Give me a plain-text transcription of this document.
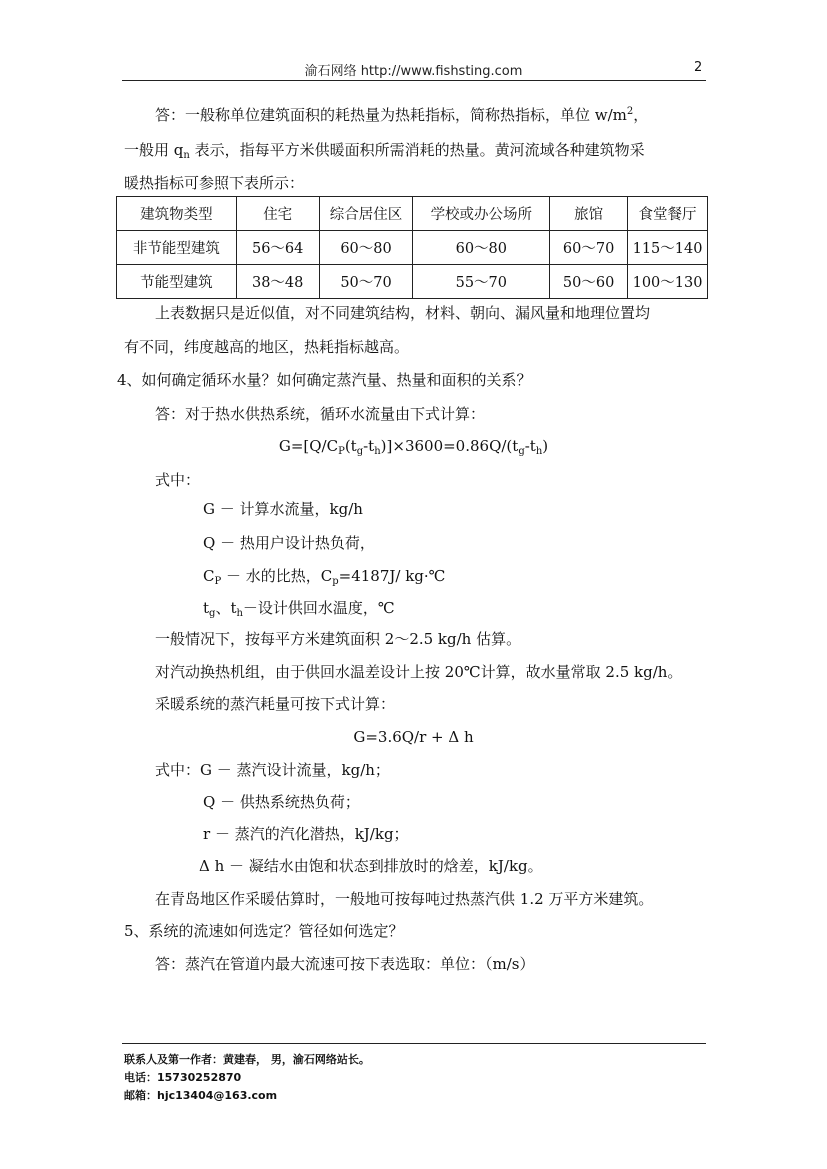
渝石网络 http://www.fishsting.com	2
答：一般称单位建筑面积的耗热量为热耗指标，简称热指标，单位 $w/m^2$，
一般用 $q_n$ 表示，指每平方米供暖面积所需消耗的热量。黄河流域各种建筑物采
暖热指标可参照下表所示：
建筑物类型	住宅	综合居住区	学校或办公场所	旅馆	食堂餐厅
非节能型建筑	56～64	60～80	60～80	60～70	115～140
节能型建筑	38～48	50～70	55～70	50～60	100～130
上表数据只是近似值，对不同建筑结构，材料、朝向、漏风量和地理位置均
有不同，纬度越高的地区，热耗指标越高。
4、如何确定循环水量？如何确定蒸汽量、热量和面积的关系？
答：对于热水供热系统，循环水流量由下式计算：
$G=[Q/C_P(t_g-t_h)]\times 3600=0.86Q/(t_g-t_h)$
式中：
G － 计算水流量，kg/h
Q － 热用户设计热负荷，
$C_P$ － 水的比热，$C_p=4187J/$ kg·℃
$t_g$、$t_h-$设计供回水温度，℃
一般情况下，按每平方米建筑面积 2～2.5 kg/h 估算。
对汽动换热机组，由于供回水温差设计上按 20℃计算，故水量常取 2.5 kg/h。
采暖系统的蒸汽耗量可按下式计算：
G=3.6Q/r + Δ h
式中：G － 蒸汽设计流量，kg/h；
Q － 供热系统热负荷；
r － 蒸汽的汽化潜热，kJ/kg；
Δ h － 凝结水由饱和状态到排放时的焓差，kJ/kg。
在青岛地区作采暖估算时，一般地可按每吨过热蒸汽供 1.2 万平方米建筑。
5、系统的流速如何选定？管径如何选定？
答：蒸汽在管道内最大流速可按下表选取：单位：（m/s）
联系人及第一作者：黄建春， 男，渝石网络站长。
电话：15730252870
邮箱：hjc13404@163.com
